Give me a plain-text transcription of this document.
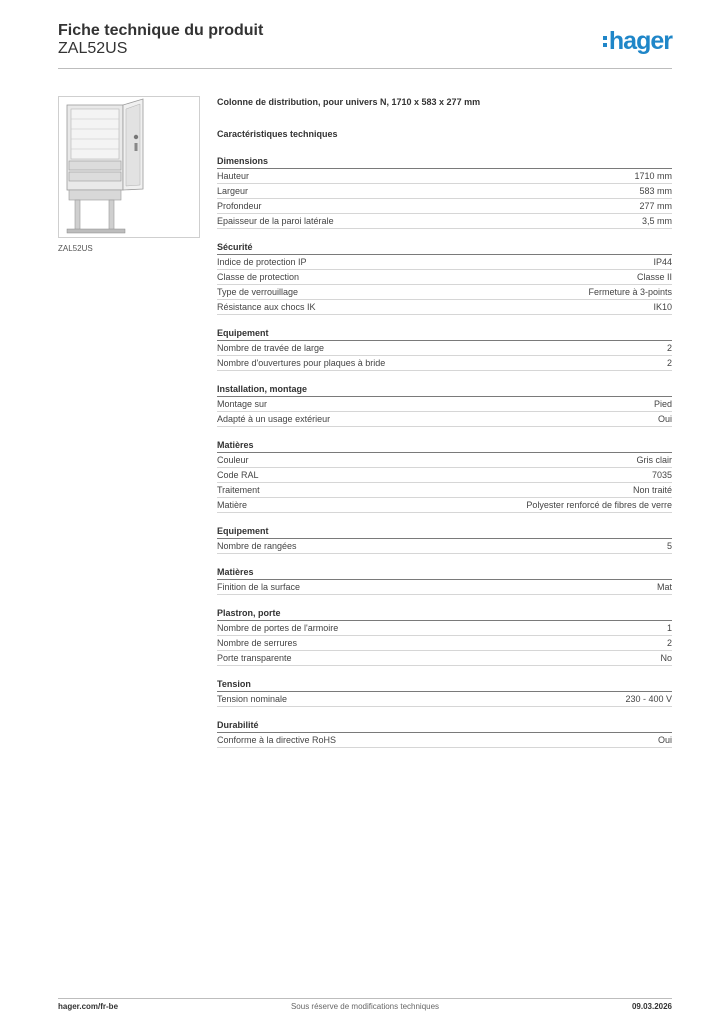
Fiche technique du produit
ZAL52US	hager
ZAL52US
Colonne de distribution, pour univers N, 1710 x 583 x 277 mm
Caractéristiques techniques
Dimensions
Hauteur	1710 mm
Largeur	583 mm
Profondeur	277 mm
Epaisseur de la paroi latérale	3,5 mm
Sécurité
Indice de protection IP	IP44
Classe de protection	Classe II
Type de verrouillage	Fermeture à 3-points
Résistance aux chocs IK	IK10
Equipement
Nombre de travée de large	2
Nombre d'ouvertures pour plaques à bride	2
Installation, montage
Montage sur	Pied
Adapté à un usage extérieur	Oui
Matières
Couleur	Gris clair
Code RAL	7035
Traitement	Non traité
Matière	Polyester renforcé de fibres de verre
Equipement
Nombre de rangées	5
Matières
Finition de la surface	Mat
Plastron, porte
Nombre de portes de l'armoire	1
Nombre de serrures	2
Porte transparente	No
Tension
Tension nominale	230 - 400 V
Durabilité
Conforme à la directive RoHS	Oui
hager.com/fr-be	Sous réserve de modifications techniques	09.03.2026
